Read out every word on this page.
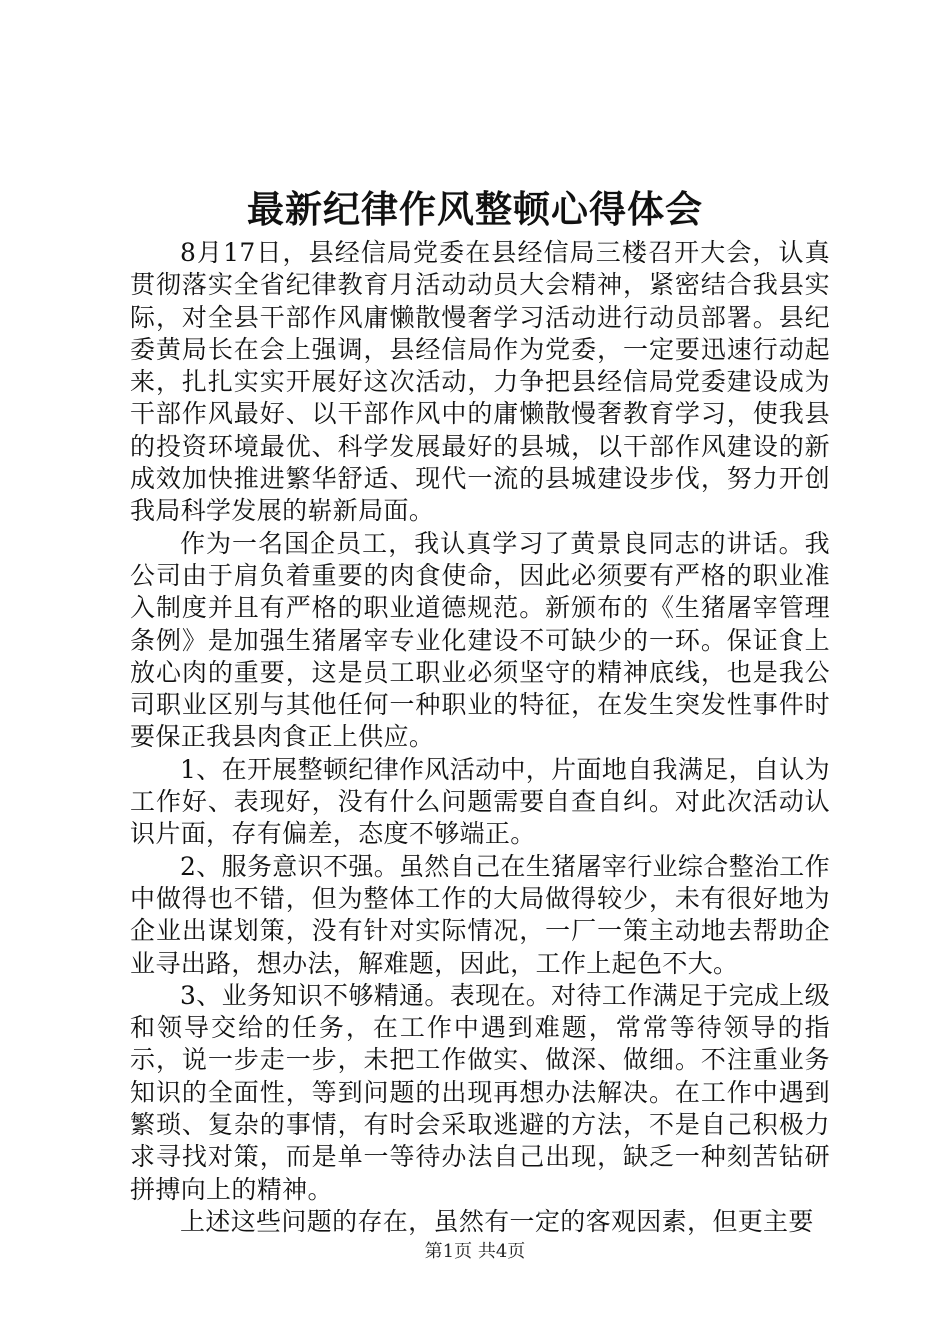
最新纪律作风整顿心得体会

8月17日，县经信局党委在县经信局三楼召开大会，认真贯彻落实全省纪律教育月活动动员大会精神，紧密结合我县实际，对全县干部作风庸懒散慢奢学习活动进行动员部署。县纪委黄局长在会上强调，县经信局作为党委，一定要迅速行动起来，扎扎实实开展好这次活动，力争把县经信局党委建设成为干部作风最好、以干部作风中的庸懒散慢奢教育学习，使我县的投资环境最优、科学发展最好的县城，以干部作风建设的新成效加快推进繁华舒适、现代一流的县城建设步伐，努力开创我局科学发展的崭新局面。

作为一名国企员工，我认真学习了黄景良同志的讲话。我公司由于肩负着重要的肉食使命，因此必须要有严格的职业准入制度并且有严格的职业道德规范。新颁布的《生猪屠宰管理条例》是加强生猪屠宰专业化建设不可缺少的一环。保证食上放心肉的重要，这是员工职业必须坚守的精神底线，也是我公司职业区别与其他任何一种职业的特征，在发生突发性事件时要保正我县肉食正上供应。

1、在开展整顿纪律作风活动中，片面地自我满足，自认为工作好、表现好，没有什么问题需要自查自纠。对此次活动认识片面，存有偏差，态度不够端正。

2、服务意识不强。虽然自己在生猪屠宰行业综合整治工作中做得也不错，但为整体工作的大局做得较少，未有很好地为企业出谋划策，没有针对实际情况，一厂一策主动地去帮助企业寻出路，想办法，解难题，因此，工作上起色不大。

3、业务知识不够精通。表现在。对待工作满足于完成上级和领导交给的任务，在工作中遇到难题，常常等待领导的指示，说一步走一步，未把工作做实、做深、做细。不注重业务知识的全面性，等到问题的出现再想办法解决。在工作中遇到繁琐、复杂的事情，有时会采取逃避的方法，不是自己积极力求寻找对策，而是单一等待办法自己出现，缺乏一种刻苦钻研拼搏向上的精神。

上述这些问题的存在，虽然有一定的客观因素，但更主要

第1页 共4页
